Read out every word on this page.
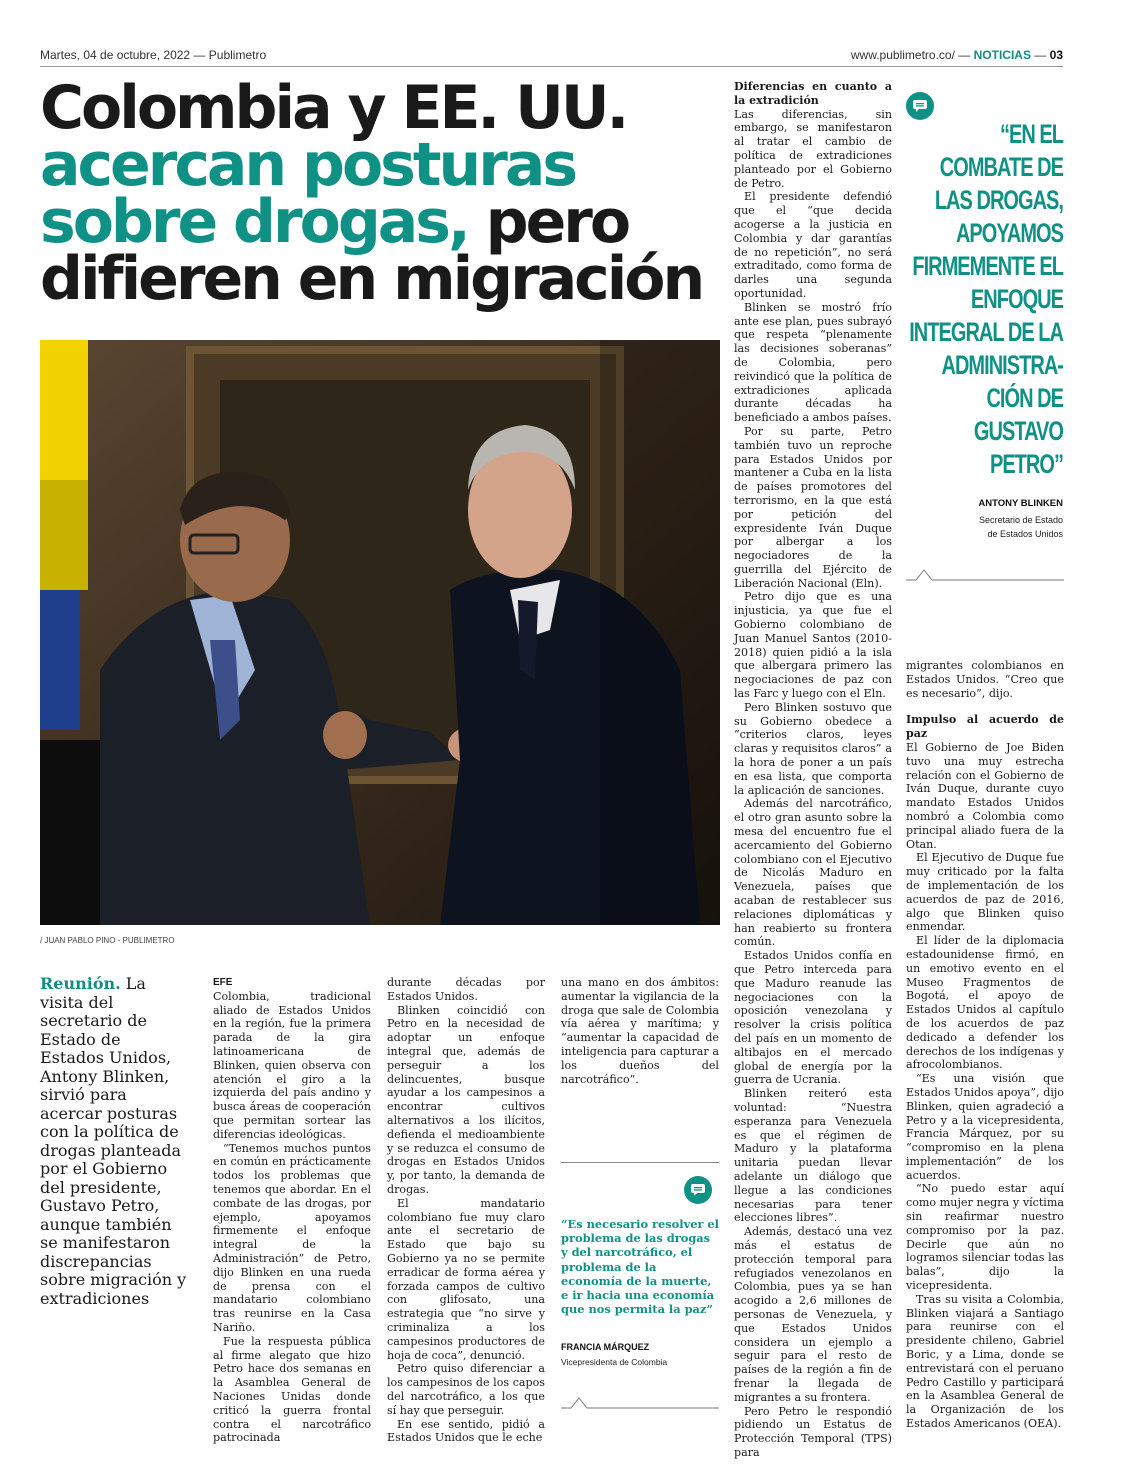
Martes, 04 de octubre, 2022 — Publimetro	www.publimetro.co/ — NOTICIAS — 03
Colombia y EE. UU.
acercan posturas
sobre drogas, pero
difieren en migración
/ JUAN PABLO PINO - PUBLIMETRO
Reunión. La visita del secretario de Estado de Estados Unidos, Antony Blinken, sirvió para acercar posturas con la política de drogas planteada por el Gobierno del presidente, Gustavo Petro, aunque también se manifestaron discrepancias sobre migración y extradiciones

EFE

Colombia, tradicional aliado de Estados Unidos en la región, fue la primera parada de la gira latinoamericana de Blinken, quien observa con atención el giro a la izquierda del país andino y busca áreas de cooperación que permitan sortear las diferencias ideológicas.

“Tenemos muchos puntos en común en prácticamente todos los problemas que tenemos que abordar. En el combate de las drogas, por ejemplo, apoyamos firmemente el enfoque integral de la Administración” de Petro, dijo Blinken en una rueda de prensa con el mandatario colombiano tras reunirse en la Casa Nariño.

Fue la respuesta pública al firme alegato que hizo Petro hace dos semanas en la Asamblea General de Naciones Unidas donde criticó la guerra frontal contra el narcotráfico patrocinada

durante décadas por Estados Unidos.

Blinken coincidió con Petro en la necesidad de adoptar un enfoque integral que, además de perseguir a los delincuentes, busque ayudar a los campesinos a encontrar cultivos alternativos a los ilícitos, defienda el medioambiente y se reduzca el consumo de drogas en Estados Unidos y, por tanto, la demanda de drogas.

El mandatario colombiano fue muy claro ante el secretario de Estado que bajo su Gobierno ya no se permite erradicar de forma aérea y forzada campos de cultivo con glifosato, una estrategia que “no sirve y criminaliza a los campesinos productores de hoja de coca”, denunció.

Petro quiso diferenciar a los campesinos de los capos del narcotráfico, a los que sí hay que perseguir.

En ese sentido, pidió a Estados Unidos que le eche

una mano en dos ámbitos: aumentar la vigilancia de la droga que sale de Colombia vía aérea y marítima; y “aumentar la capacidad de inteligencia para capturar a los dueños del narcotráfico”.

“Es necesario resolver el problema de las drogas y del narcotráfico, el problema de la economía de la muerte, e ir hacia una economía que nos permita la paz”
FRANCIA MÁRQUEZ
Vicepresidenta de Colombia

Diferencias en cuanto a la extradición

Las diferencias, sin embargo, se manifestaron al tratar el cambio de política de extradiciones planteado por el Gobierno de Petro.

El presidente defendió que el “que decida acogerse a la justicia en Colombia y dar garantías de no repetición”, no será extraditado, como forma de darles una segunda oportunidad.

Blinken se mostró frío ante ese plan, pues subrayó que respeta “plenamente las decisiones soberanas” de Colombia, pero reivindicó que la política de extradiciones aplicada durante décadas ha beneficiado a ambos países.

Por su parte, Petro también tuvo un reproche para Estados Unidos por mantener a Cuba en la lista de países promotores del terrorismo, en la que está por petición del expresidente Iván Duque por albergar a los negociadores de la guerrilla del Ejército de Liberación Nacional (Eln).

Petro dijo que es una injusticia, ya que fue el Gobierno colombiano de Juan Manuel Santos (2010-2018) quien pidió a la isla que albergara primero las negociaciones de paz con las Farc y luego con el Eln.

Pero Blinken sostuvo que su Gobierno obedece a “criterios claros, leyes claras y requisitos claros” a la hora de poner a un país en esa lista, que comporta la aplicación de sanciones.

Además del narcotráfico, el otro gran asunto sobre la mesa del encuentro fue el acercamiento del Gobierno colombiano con el Ejecutivo de Nicolás Maduro en Venezuela, países que acaban de restablecer sus relaciones diplomáticas y han reabierto su frontera común.

Estados Unidos confía en que Petro interceda para que Maduro reanude las negociaciones con la oposición venezolana y resolver la crisis política del país en un momento de altibajos en el mercado global de energía por la guerra de Ucrania.

Blinken reiteró esta voluntad: “Nuestra esperanza para Venezuela es que el régimen de Maduro y la plataforma unitaria puedan llevar adelante un diálogo que llegue a las condiciones necesarias para tener elecciones libres”.

Además, destacó una vez más el estatus de protección temporal para refugiados venezolanos en Colombia, pues ya se han acogido a 2,6 millones de personas de Venezuela, y que Estados Unidos considera un ejemplo a seguir para el resto de países de la región a fin de frenar la llegada de migrantes a su frontera.

Pero Petro le respondió pidiendo un Estatus de Protección Temporal (TPS) para

“EN EL
COMBATE DE
LAS DROGAS,
APOYAMOS
FIRMEMENTE EL
ENFOQUE
INTEGRAL DE LA
ADMINISTRA-
CIÓN DE
GUSTAVO
PETRO”
ANTONY BLINKEN
Secretario de Estado
de Estados Unidos

migrantes colombianos en Estados Unidos. “Creo que es necesario”, dijo.

Impulso al acuerdo de paz

El Gobierno de Joe Biden tuvo una muy estrecha relación con el Gobierno de Iván Duque, durante cuyo mandato Estados Unidos nombró a Colombia como principal aliado fuera de la Otan.

El Ejecutivo de Duque fue muy criticado por la falta de implementación de los acuerdos de paz de 2016, algo que Blinken quiso enmendar.

El líder de la diplomacia estadounidense firmó, en un emotivo evento en el Museo Fragmentos de Bogotá, el apoyo de Estados Unidos al capítulo de los acuerdos de paz dedicado a defender los derechos de los indígenas y afrocolombianos.

“Es una visión que Estados Unidos apoya”, dijo Blinken, quien agradeció a Petro y a la vicepresidenta, Francia Márquez, por su “compromiso en la plena implementación” de los acuerdos.

“No puedo estar aquí como mujer negra y víctima sin reafirmar nuestro compromiso por la paz. Decirle que aún no logramos silenciar todas las balas”, dijo la vicepresidenta.

Tras su visita a Colombia, Blinken viajará a Santiago para reunirse con el presidente chileno, Gabriel Boric, y a Lima, donde se entrevistará con el peruano Pedro Castillo y participará en la Asamblea General de la Organización de los Estados Americanos (OEA).
